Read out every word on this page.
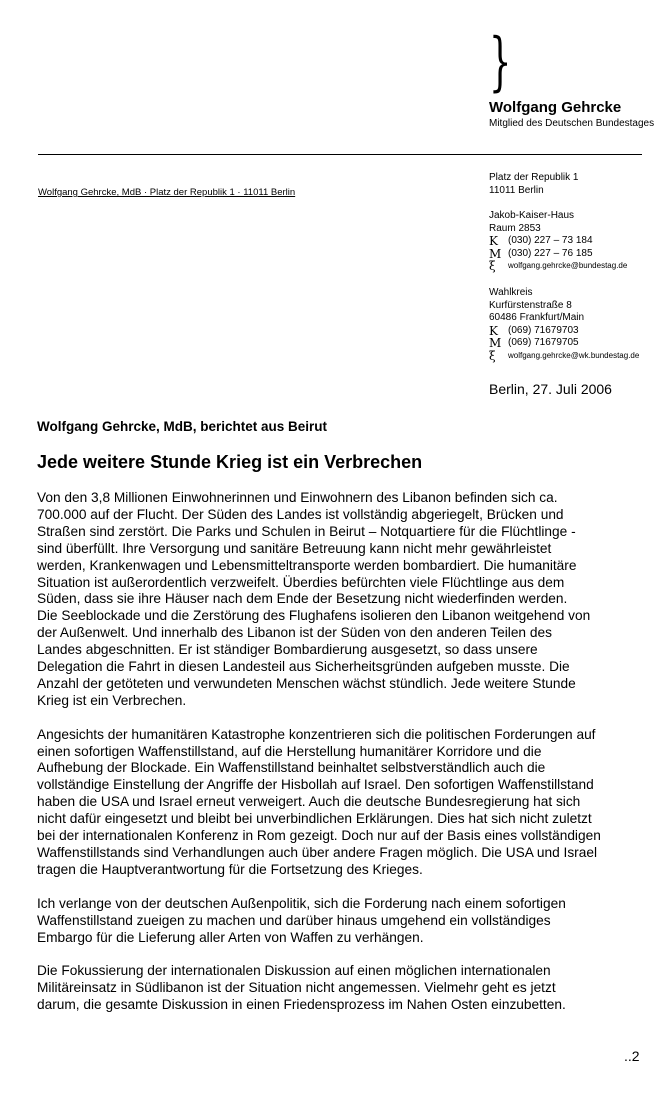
}
Wolfgang Gehrcke
Mitglied des Deutschen Bundestages
Wolfgang Gehrcke, MdB · Platz der Republik 1 · 11011 Berlin
Platz der Republik 1
11011 Berlin
Jakob-Kaiser-Haus
Raum 2853
K	(030) 227 – 73 184
M (030) 227 – 76 185
ξ	wolfgang.gehrcke@bundestag.de
Wahlkreis
Kurfürstenstraße 8
60486 Frankfurt/Main
K	(069) 71679703
M (069) 71679705
ξ	wolfgang.gehrcke@wk.bundestag.de
Berlin, 27. Juli 2006
Wolfgang Gehrcke, MdB, berichtet aus Beirut
Jede weitere Stunde Krieg ist ein Verbrechen

Von den 3,8 Millionen Einwohnerinnen und Einwohnern des Libanon befinden sich ca.
700.000 auf der Flucht. Der Süden des Landes ist vollständig abgeriegelt, Brücken und
Straßen sind zerstört. Die Parks und Schulen in Beirut – Notquartiere für die Flüchtlinge -
sind überfüllt. Ihre Versorgung und sanitäre Betreuung kann nicht mehr gewährleistet
werden, Krankenwagen und Lebensmitteltransporte werden bombardiert. Die humanitäre
Situation ist außerordentlich verzweifelt. Überdies befürchten viele Flüchtlinge aus dem
Süden, dass sie ihre Häuser nach dem Ende der Besetzung nicht wiederfinden werden.
Die Seeblockade und die Zerstörung des Flughafens isolieren den Libanon weitgehend von
der Außenwelt. Und innerhalb des Libanon ist der Süden von den anderen Teilen des
Landes abgeschnitten. Er ist ständiger Bombardierung ausgesetzt, so dass unsere
Delegation die Fahrt in diesen Landesteil aus Sicherheitsgründen aufgeben musste. Die
Anzahl der getöteten und verwundeten Menschen wächst stündlich. Jede weitere Stunde
Krieg ist ein Verbrechen.

Angesichts der humanitären Katastrophe konzentrieren sich die politischen Forderungen auf
einen sofortigen Waffenstillstand, auf die Herstellung humanitärer Korridore und die
Aufhebung der Blockade. Ein Waffenstillstand beinhaltet selbstverständlich auch die
vollständige Einstellung der Angriffe der Hisbollah auf Israel. Den sofortigen Waffenstillstand
haben die USA und Israel erneut verweigert. Auch die deutsche Bundesregierung hat sich
nicht dafür eingesetzt und bleibt bei unverbindlichen Erklärungen. Dies hat sich nicht zuletzt
bei der internationalen Konferenz in Rom gezeigt. Doch nur auf der Basis eines vollständigen
Waffenstillstands sind Verhandlungen auch über andere Fragen möglich. Die USA und Israel
tragen die Hauptverantwortung für die Fortsetzung des Krieges.

Ich verlange von der deutschen Außenpolitik, sich die Forderung nach einem sofortigen
Waffenstillstand zueigen zu machen und darüber hinaus umgehend ein vollständiges
Embargo für die Lieferung aller Arten von Waffen zu verhängen.

Die Fokussierung der internationalen Diskussion auf einen möglichen internationalen
Militäreinsatz in Südlibanon ist der Situation nicht angemessen. Vielmehr geht es jetzt
darum, die gesamte Diskussion in einen Friedensprozess im Nahen Osten einzubetten.

..2
